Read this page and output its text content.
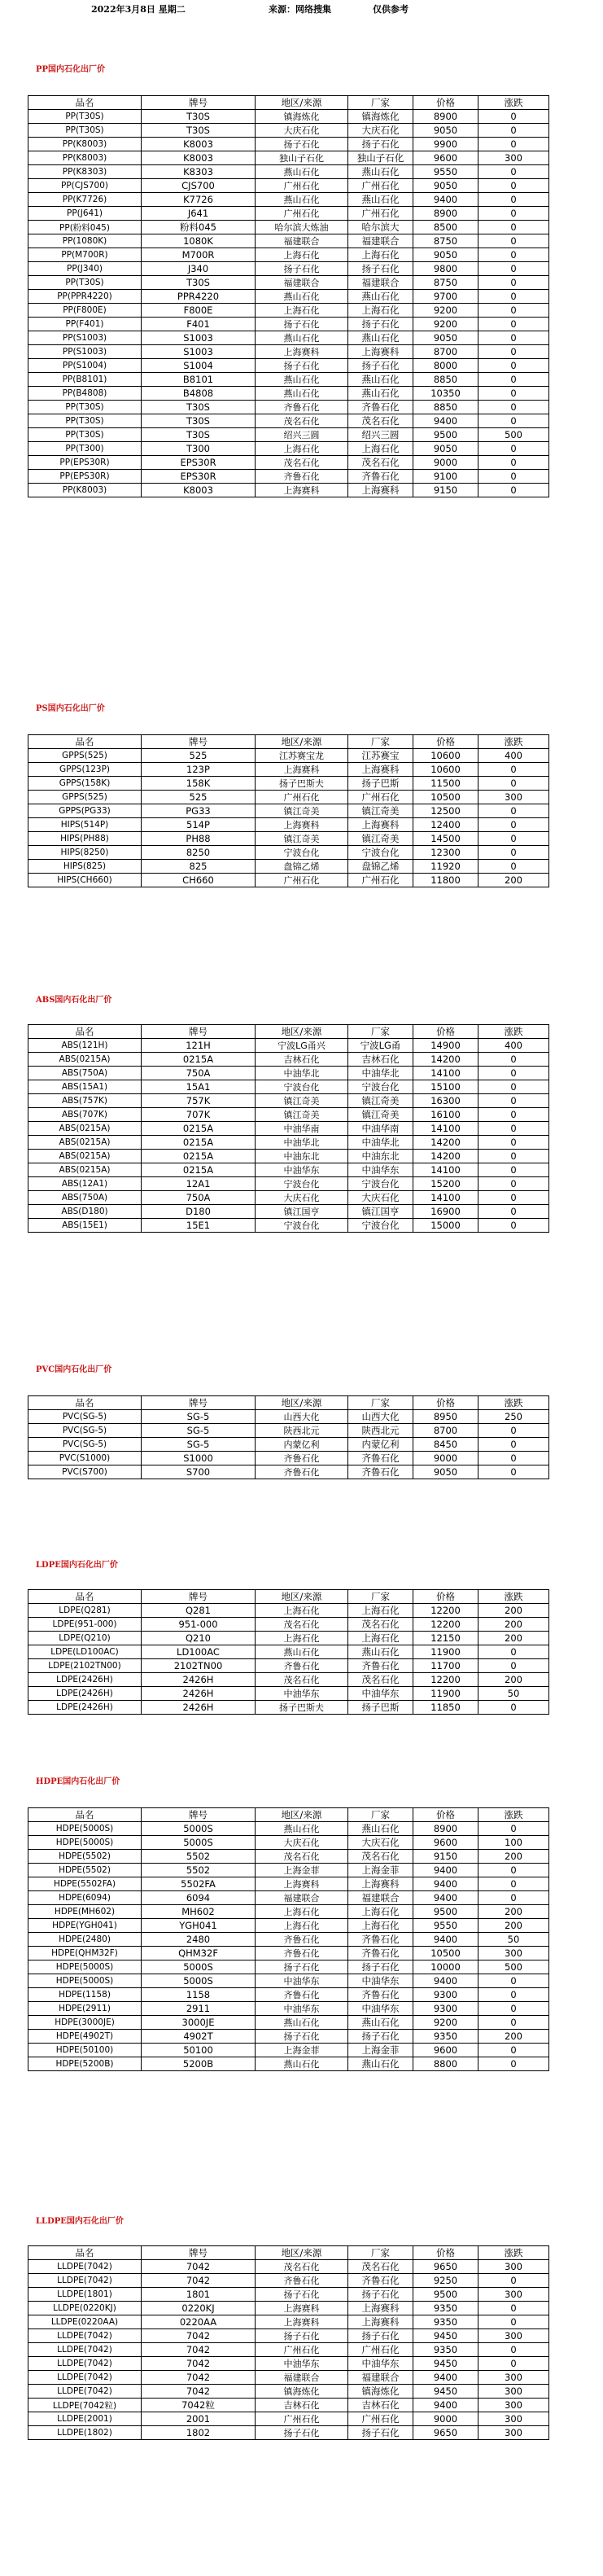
2022年3月8日 星期二	来源：网络搜集	仅供参考
PP国内石化出厂价
品名	牌号	地区/来源	厂家	价格	涨跌
PP(T30S)	T30S	镇海炼化	镇海炼化	8900	0
PP(T30S)	T30S	大庆石化	大庆石化	9050	0
PP(K8003)	K8003	扬子石化	扬子石化	9900	0
PP(K8003)	K8003	独山子石化	独山子石化	9600	300
PP(K8303)	K8303	燕山石化	燕山石化	9550	0
PP(CJS700)	CJS700	广州石化	广州石化	9050	0
PP(K7726)	K7726	燕山石化	燕山石化	9400	0
PP(J641)	J641	广州石化	广州石化	8900	0
PP(粉料045)	粉料045	哈尔滨大炼油	哈尔滨大	8500	0
PP(1080K)	1080K	福建联合	福建联合	8750	0
PP(M700R)	M700R	上海石化	上海石化	9050	0
PP(J340)	J340	扬子石化	扬子石化	9800	0
PP(T30S)	T30S	福建联合	福建联合	8750	0
PP(PPR4220)	PPR4220	燕山石化	燕山石化	9700	0
PP(F800E)	F800E	上海石化	上海石化	9200	0
PP(F401)	F401	扬子石化	扬子石化	9200	0
PP(S1003)	S1003	燕山石化	燕山石化	9050	0
PP(S1003)	S1003	上海赛科	上海赛科	8700	0
PP(S1004)	S1004	扬子石化	扬子石化	8000	0
PP(B8101)	B8101	燕山石化	燕山石化	8850	0
PP(B4808)	B4808	燕山石化	燕山石化	10350	0
PP(T30S)	T30S	齐鲁石化	齐鲁石化	8850	0
PP(T30S)	T30S	茂名石化	茂名石化	9400	0
PP(T30S)	T30S	绍兴三圆	绍兴三圆	9500	500
PP(T300)	T300	上海石化	上海石化	9050	0
PP(EPS30R)	EPS30R	茂名石化	茂名石化	9000	0
PP(EPS30R)	EPS30R	齐鲁石化	齐鲁石化	9100	0
PP(K8003)	K8003	上海赛科	上海赛科	9150	0
PS国内石化出厂价
品名	牌号	地区/来源	厂家	价格	涨跌
GPPS(525)	525	江苏赛宝龙	江苏赛宝	10600	400
GPPS(123P)	123P	上海赛科	上海赛科	10600	0
GPPS(158K)	158K	扬子巴斯夫	扬子巴斯	11500	0
GPPS(525)	525	广州石化	广州石化	10500	300
GPPS(PG33)	PG33	镇江奇美	镇江奇美	12500	0
HIPS(514P)	514P	上海赛科	上海赛科	12400	0
HIPS(PH88)	PH88	镇江奇美	镇江奇美	14500	0
HIPS(8250)	8250	宁波台化	宁波台化	12300	0
HIPS(825)	825	盘锦乙烯	盘锦乙烯	11920	0
HIPS(CH660)	CH660	广州石化	广州石化	11800	200
ABS国内石化出厂价
品名	牌号	地区/来源	厂家	价格	涨跌
ABS(121H)	121H	宁波LG甬兴	宁波LG甬	14900	400
ABS(0215A)	0215A	吉林石化	吉林石化	14200	0
ABS(750A)	750A	中油华北	中油华北	14100	0
ABS(15A1)	15A1	宁波台化	宁波台化	15100	0
ABS(757K)	757K	镇江奇美	镇江奇美	16300	0
ABS(707K)	707K	镇江奇美	镇江奇美	16100	0
ABS(0215A)	0215A	中油华南	中油华南	14100	0
ABS(0215A)	0215A	中油华北	中油华北	14200	0
ABS(0215A)	0215A	中油东北	中油东北	14200	0
ABS(0215A)	0215A	中油华东	中油华东	14100	0
ABS(12A1)	12A1	宁波台化	宁波台化	15200	0
ABS(750A)	750A	大庆石化	大庆石化	14100	0
ABS(D180)	D180	镇江国亨	镇江国亨	16900	0
ABS(15E1)	15E1	宁波台化	宁波台化	15000	0
PVC国内石化出厂价
品名	牌号	地区/来源	厂家	价格	涨跌
PVC(SG-5)	SG-5	山西大化	山西大化	8950	250
PVC(SG-5)	SG-5	陕西北元	陕西北元	8700	0
PVC(SG-5)	SG-5	内蒙亿利	内蒙亿利	8450	0
PVC(S1000)	S1000	齐鲁石化	齐鲁石化	9000	0
PVC(S700)	S700	齐鲁石化	齐鲁石化	9050	0
LDPE国内石化出厂价
品名	牌号	地区/来源	厂家	价格	涨跌
LDPE(Q281)	Q281	上海石化	上海石化	12200	200
LDPE(951-000)	951-000	茂名石化	茂名石化	12200	200
LDPE(Q210)	Q210	上海石化	上海石化	12150	200
LDPE(LD100AC)	LD100AC	燕山石化	燕山石化	11900	0
LDPE(2102TN00)	2102TN00	齐鲁石化	齐鲁石化	11700	0
LDPE(2426H)	2426H	茂名石化	茂名石化	12200	200
LDPE(2426H)	2426H	中油华东	中油华东	11900	50
LDPE(2426H)	2426H	扬子巴斯夫	扬子巴斯	11850	0
HDPE国内石化出厂价
品名	牌号	地区/来源	厂家	价格	涨跌
HDPE(5000S)	5000S	燕山石化	燕山石化	8900	0
HDPE(5000S)	5000S	大庆石化	大庆石化	9600	100
HDPE(5502)	5502	茂名石化	茂名石化	9150	200
HDPE(5502)	5502	上海金菲	上海金菲	9400	0
HDPE(5502FA)	5502FA	上海赛科	上海赛科	9400	0
HDPE(6094)	6094	福建联合	福建联合	9400	0
HDPE(MH602)	MH602	上海石化	上海石化	9500	200
HDPE(YGH041)	YGH041	上海石化	上海石化	9550	200
HDPE(2480)	2480	齐鲁石化	齐鲁石化	9400	50
HDPE(QHM32F)	QHM32F	齐鲁石化	齐鲁石化	10500	300
HDPE(5000S)	5000S	扬子石化	扬子石化	10000	500
HDPE(5000S)	5000S	中油华东	中油华东	9400	0
HDPE(1158)	1158	齐鲁石化	齐鲁石化	9300	0
HDPE(2911)	2911	中油华东	中油华东	9300	0
HDPE(3000JE)	3000JE	燕山石化	燕山石化	9200	0
HDPE(4902T)	4902T	扬子石化	扬子石化	9350	200
HDPE(50100)	50100	上海金菲	上海金菲	9600	0
HDPE(5200B)	5200B	燕山石化	燕山石化	8800	0
LLDPE国内石化出厂价
品名	牌号	地区/来源	厂家	价格	涨跌
LLDPE(7042)	7042	茂名石化	茂名石化	9650	300
LLDPE(7042)	7042	齐鲁石化	齐鲁石化	9250	0
LLDPE(1801)	1801	扬子石化	扬子石化	9500	300
LLDPE(0220KJ)	0220KJ	上海赛科	上海赛科	9350	0
LLDPE(0220AA)	0220AA	上海赛科	上海赛科	9350	0
LLDPE(7042)	7042	扬子石化	扬子石化	9450	300
LLDPE(7042)	7042	广州石化	广州石化	9350	0
LLDPE(7042)	7042	中油华东	中油华东	9450	0
LLDPE(7042)	7042	福建联合	福建联合	9400	300
LLDPE(7042)	7042	镇海炼化	镇海炼化	9450	300
LLDPE(7042粒)	7042粒	吉林石化	吉林石化	9400	300
LLDPE(2001)	2001	广州石化	广州石化	9000	300
LLDPE(1802)	1802	扬子石化	扬子石化	9650	300
